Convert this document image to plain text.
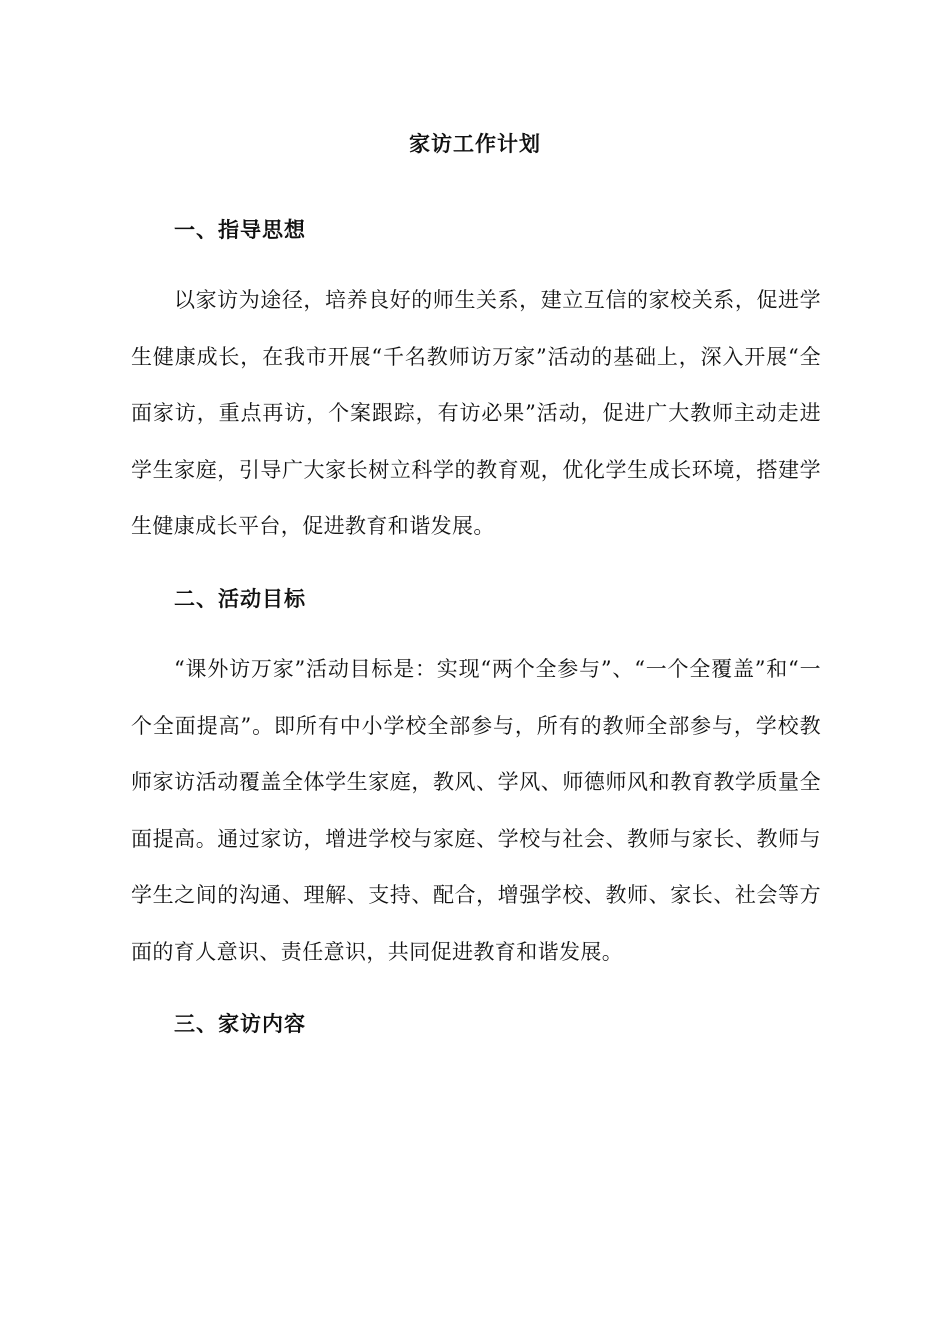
家访工作计划
一、指导思想

以家访为途径，培养良好的师生关系，建立互信的家校关系，促进学生健康成长，在我市开展“千名教师访万家”活动的基础上，深入开展“全面家访，重点再访，个案跟踪，有访必果”活动，促进广大教师主动走进学生家庭，引导广大家长树立科学的教育观，优化学生成长环境，搭建学生健康成长平台，促进教育和谐发展。

二、活动目标

“课外访万家”活动目标是：实现“两个全参与”、“一个全覆盖”和“一个全面提高”。即所有中小学校全部参与，所有的教师全部参与，学校教师家访活动覆盖全体学生家庭，教风、学风、师德师风和教育教学质量全面提高。通过家访，增进学校与家庭、学校与社会、教师与家长、教师与学生之间的沟通、理解、支持、配合，增强学校、教师、家长、社会等方面的育人意识、责任意识，共同促进教育和谐发展。

三、家访内容
